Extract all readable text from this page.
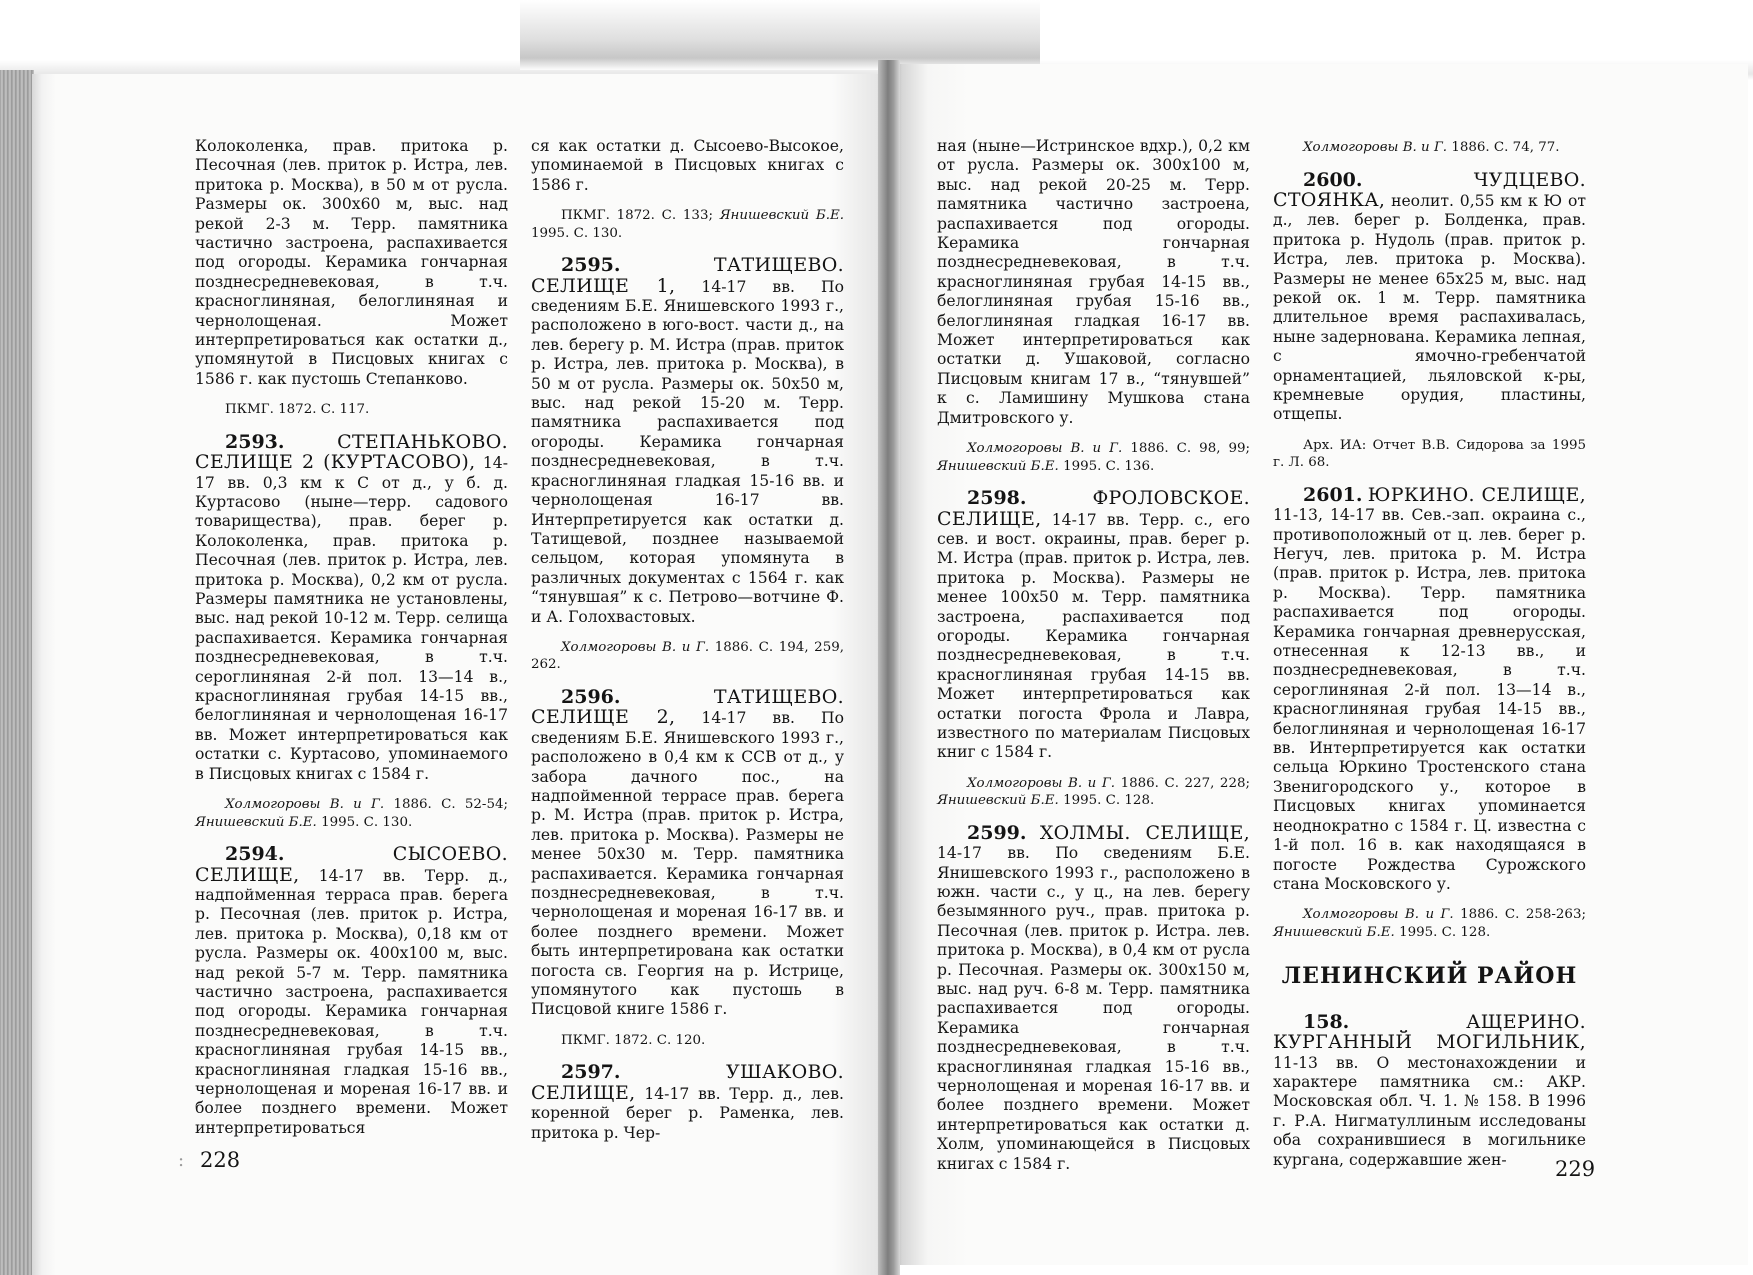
Колоколенка, прав. притока р. Песочная (лев. приток р. Истра, лев. притока р. Москва), в 50 м от русла. Размеры ок. 300х60 м, выс. над рекой 2-3 м. Терр. памятника частично застроена, распахивается под огороды. Керамика гончарная позднесредневековая, в т.ч. красноглиняная, белоглиняная и чернолощеная. Может интерпретироваться как остатки д., упомянутой в Писцовых книгах с 1586 г. как пустошь Степанково.

ПКМГ. 1872. С. 117.

2593.	СТЕПАНЬКОВО. СЕЛИЩЕ 2 (КУРТАСОВО), 14-17 вв. 0,3 км к С от д., у б. д. Куртасово (ныне—терр. садового товарищества), прав. берег р. Колоколенка, прав. притока р. Песочная (лев. приток р. Истра, лев. притока р. Москва), 0,2 км от русла. Размеры памятника не установлены, выс. над рекой 10-12 м. Терр. селища распахивается. Керамика гончарная позднесредневековая, в т.ч. сероглиняная 2-й пол. 13—14 в., красноглиняная грубая 14-15 вв., белоглиняная и чернолощеная 16-17 вв. Может интерпретироваться как остатки с. Куртасово, упоминаемого в Писцовых книгах с 1584 г.

Холмогоровы В. и Г. 1886. С. 52-54; Янишевский Б.Е. 1995. С. 130.

2594.	СЫСОЕВО. СЕЛИЩЕ, 14-17 вв. Терр. д., надпойменная терраса прав. берега р. Песочная (лев. приток р. Истра, лев. притока р. Москва), 0,18 км от русла. Размеры ок. 400х100 м, выс. над рекой 5-7 м. Терр. памятника частично застроена, распахивается под огороды. Керамика гончарная позднесредневековая, в т.ч. красноглиняная грубая 14-15 вв., красноглиняная гладкая 15-16 вв., чернолощеная и мореная 16-17 вв. и более позднего времени. Может интерпретироваться

ся как остатки д. Сысоево-Высокое, упоминаемой в Писцовых книгах с 1586 г.

ПКМГ. 1872. С. 133; Янишевский Б.Е. 1995. С. 130.

2595.	ТАТИЩЕВО. СЕЛИЩЕ 1, 14-17 вв. По сведениям Б.Е. Янишевского 1993 г., расположено в юго-вост. части д., на лев. берегу р. М. Истра (прав. приток р. Истра, лев. притока р. Москва), в 50 м от русла. Размеры ок. 50х50 м, выс. над рекой 15-20 м. Терр. памятника распахивается под огороды. Керамика гончарная позднесредневековая, в т.ч. красноглиняная гладкая 15-16 вв. и чернолощеная 16-17 вв. Интерпретируется как остатки д. Татищевой, позднее называемой сельцом, которая упомянута в различных документах с 1564 г. как “тянувшая” к с. Петрово—вотчине Ф. и А. Голохвастовых.

Холмогоровы В. и Г. 1886. С. 194, 259, 262.

2596.	ТАТИЩЕВО. СЕЛИЩЕ 2, 14-17 вв. По сведениям Б.Е. Янишевского 1993 г., расположено в 0,4 км к ССВ от д., у забора дачного пос., на надпойменной террасе прав. берега р. М. Истра (прав. приток р. Истра, лев. притока р. Москва). Размеры не менее 50х30 м. Терр. памятника распахивается. Керамика гончарная позднесредневековая, в т.ч. чернолощеная и мореная 16-17 вв. и более позднего времени. Может быть интерпретирована как остатки погоста св. Георгия на р. Истрице, упомянутого как пустошь в Писцовой книге 1586 г.

ПКМГ. 1872. С. 120.

2597.	УШАКОВО. СЕЛИЩЕ, 14-17 вв. Терр. д., лев. коренной берег р. Раменка, лев. притока р. Чер-

: 228

ная (ныне—Истринское вдхр.), 0,2 км от русла. Размеры ок. 300х100 м, выс. над рекой 20-25 м. Терр. памятника частично застроена, распахивается под огороды. Керамика гончарная позднесредневековая, в т.ч. красноглиняная грубая 14-15 вв., белоглиняная грубая 15-16 вв., белоглиняная гладкая 16-17 вв. Может интерпретироваться как остатки д. Ушаковой, согласно Писцовым книгам 17 в., “тянувшей” к с. Ламишину Мушкова стана Дмитровского у.

Холмогоровы В. и Г. 1886. С. 98, 99; Янишевский Б.Е. 1995. С. 136.

2598.	ФРОЛОВСКОЕ. СЕЛИЩЕ, 14-17 вв. Терр. с., его сев. и вост. окраины, прав. берег р. М. Истра (прав. приток р. Истра, лев. притока р. Москва). Размеры не менее 100х50 м. Терр. памятника застроена, распахивается под огороды. Керамика гончарная позднесредневековая, в т.ч. красноглиняная грубая 14-15 вв. Может интерпретироваться как остатки погоста Фрола и Лавра, известного по материалам Писцовых книг с 1584 г.

Холмогоровы В. и Г. 1886. С. 227, 228; Янишевский Б.Е. 1995. С. 128.

2599. ХОЛМЫ. СЕЛИЩЕ, 14-17 вв. По сведениям Б.Е. Янишевского 1993 г., расположено в южн. части с., у ц., на лев. берегу безымянного руч., прав. притока р. Песочная (лев. приток р. Истра. лев. притока р. Москва), в 0,4 км от русла р. Песочная. Размеры ок. 300х150 м, выс. над руч. 6-8 м. Терр. памятника распахивается под огороды. Керамика гончарная позднесредневековая, в т.ч. красноглиняная гладкая 15-16 вв., чернолощеная и мореная 16-17 вв. и более позднего времени. Может интерпретироваться как остатки д. Холм, упоминающейся в Писцовых книгах с 1584 г.

Холмогоровы В. и Г. 1886. С. 74, 77.

2600.	ЧУДЦЕВО. СТОЯНКА, неолит. 0,55 км к Ю от д., лев. берег р. Болденка, прав. притока р. Нудоль (прав. приток р. Истра, лев. притока р. Москва). Размеры не менее 65х25 м, выс. над рекой ок. 1 м. Терр. памятника длительное время распахивалась, ныне задернована. Керамика лепная, с ямочно-гребенчатой орнаментацией, льяловской к-ры, кремневые орудия, пластины, отщепы.

Арх. ИА: Отчет В.В. Сидорова за 1995 г. Л. 68.

2601. ЮРКИНО. СЕЛИЩЕ, 11-13, 14-17 вв. Сев.-зап. окраина с., противоположный от ц. лев. берег р. Негуч, лев. притока р. М. Истра (прав. приток р. Истра, лев. притока р. Москва). Терр. памятника распахивается под огороды. Керамика гончарная древнерусская, отнесенная к 12-13 вв., и позднесредневековая, в т.ч. сероглиняная 2-й пол. 13—14 в., красноглиняная грубая 14-15 вв., белоглиняная и чернолощеная 16-17 вв. Интерпретируется как остатки сельца Юркино Тростенского стана Звенигородского у., которое в Писцовых книгах упоминается неоднократно с 1584 г. Ц. известна с 1-й пол. 16 в. как находящаяся в погосте Рождества Сурожского стана Московского у.

Холмогоровы В. и Г. 1886. С. 258-263; Янишевский Б.Е. 1995. С. 128.

ЛЕНИНСКИЙ РАЙОН

158.	АЩЕРИНО. КУРГАННЫЙ МОГИЛЬНИК, 11-13 вв. О местонахождении и характере памятника см.: АКР. Московская обл. Ч. 1. № 158. В 1996 г. Р.А. Нигматуллиным исследованы оба сохранившиеся в могильнике кургана, содержавшие жен-	229
